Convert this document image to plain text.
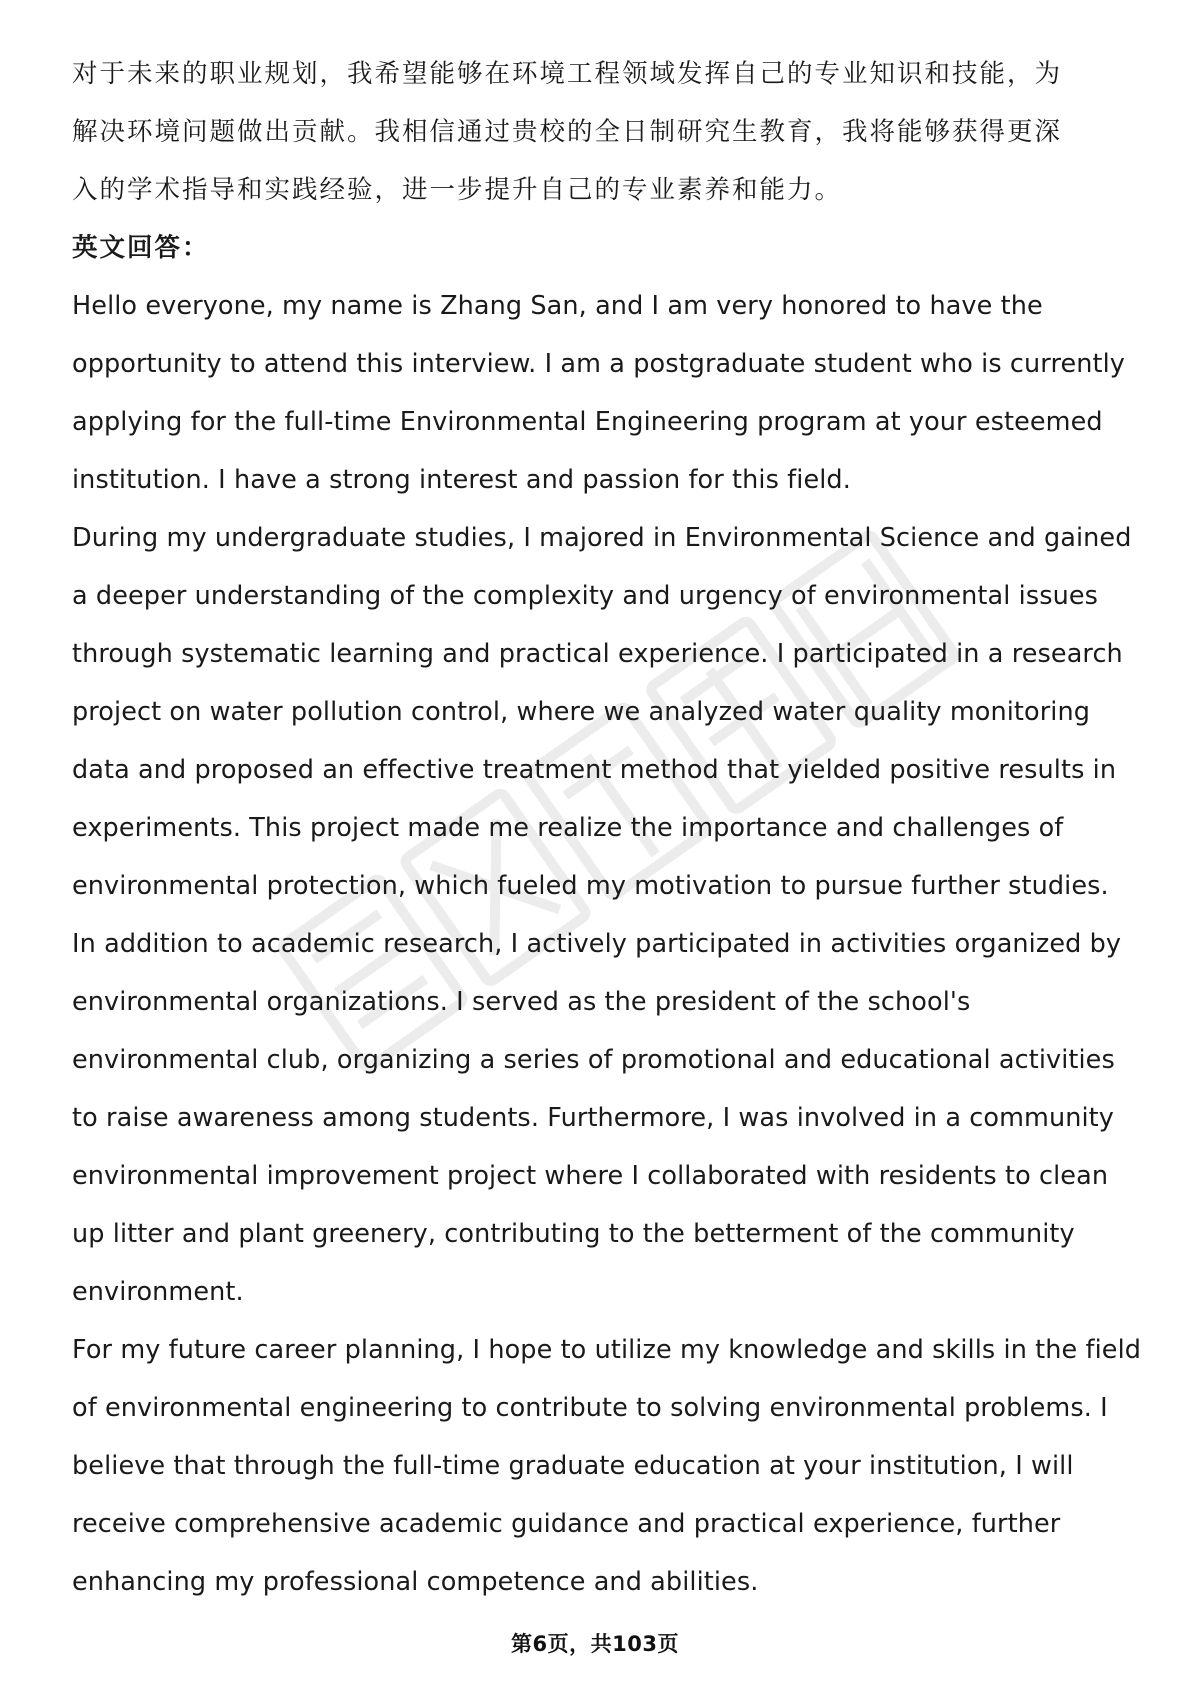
对于未来的职业规划，我希望能够在环境工程领域发挥自己的专业知识和技能，为
解决环境问题做出贡献。我相信通过贵校的全日制研究生教育，我将能够获得更深
入的学术指导和实践经验，进一步提升自己的专业素养和能力。
英文回答：
Hello everyone, my name is Zhang San, and I am very honored to have the
opportunity to attend this interview. I am a postgraduate student who is currently
applying for the full-time Environmental Engineering program at your esteemed
institution. I have a strong interest and passion for this field.
During my undergraduate studies, I majored in Environmental Science and gained
a deeper understanding of the complexity and urgency of environmental issues
through systematic learning and practical experience. I participated in a research
project on water pollution control, where we analyzed water quality monitoring
data and proposed an effective treatment method that yielded positive results in
experiments. This project made me realize the importance and challenges of
environmental protection, which fueled my motivation to pursue further studies.
In addition to academic research, I actively participated in activities organized by
environmental organizations. I served as the president of the school's
environmental club, organizing a series of promotional and educational activities
to raise awareness among students. Furthermore, I was involved in a community
environmental improvement project where I collaborated with residents to clean
up litter and plant greenery, contributing to the betterment of the community
environment.
For my future career planning, I hope to utilize my knowledge and skills in the field
of environmental engineering to contribute to solving environmental problems. I
believe that through the full-time graduate education at your institution, I will
receive comprehensive academic guidance and practical experience, further
enhancing my professional competence and abilities.
第6页，共103页
